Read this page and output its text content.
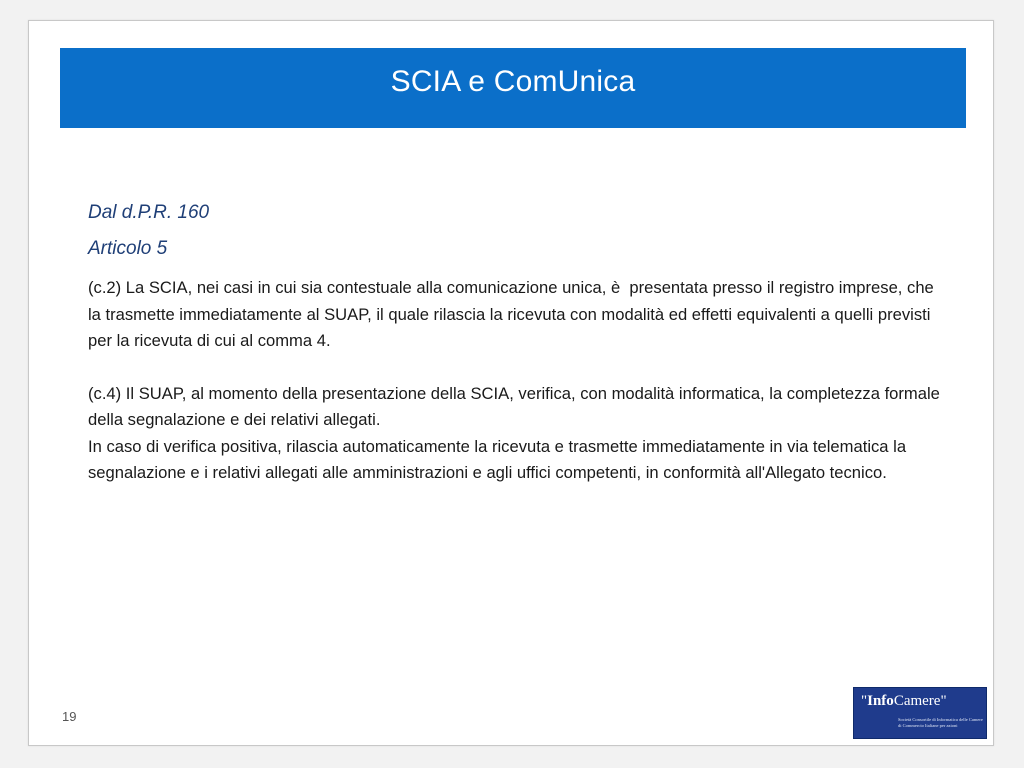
SCIA e ComUnica

Dal d.P.R. 160

Articolo 5

(c.2) La SCIA, nei casi in cui sia contestuale alla comunicazione unica, è  presentata presso il registro imprese, che la trasmette immediatamente al SUAP, il quale rilascia la ricevuta con modalità ed effetti equivalenti a quelli previsti per la ricevuta di cui al comma 4.

(c.4) Il SUAP, al momento della presentazione della SCIA, verifica, con modalità informatica, la completezza formale della segnalazione e dei relativi allegati.

In caso di verifica positiva, rilascia automaticamente la ricevuta e trasmette immediatamente in via telematica la segnalazione e i relativi allegati alle amministrazioni e agli uffici competenti, in conformità all'Allegato tecnico.

19
"InfoCamere"
Società Consortile di Informatica delle Camere di Commercio Italiane per azioni
